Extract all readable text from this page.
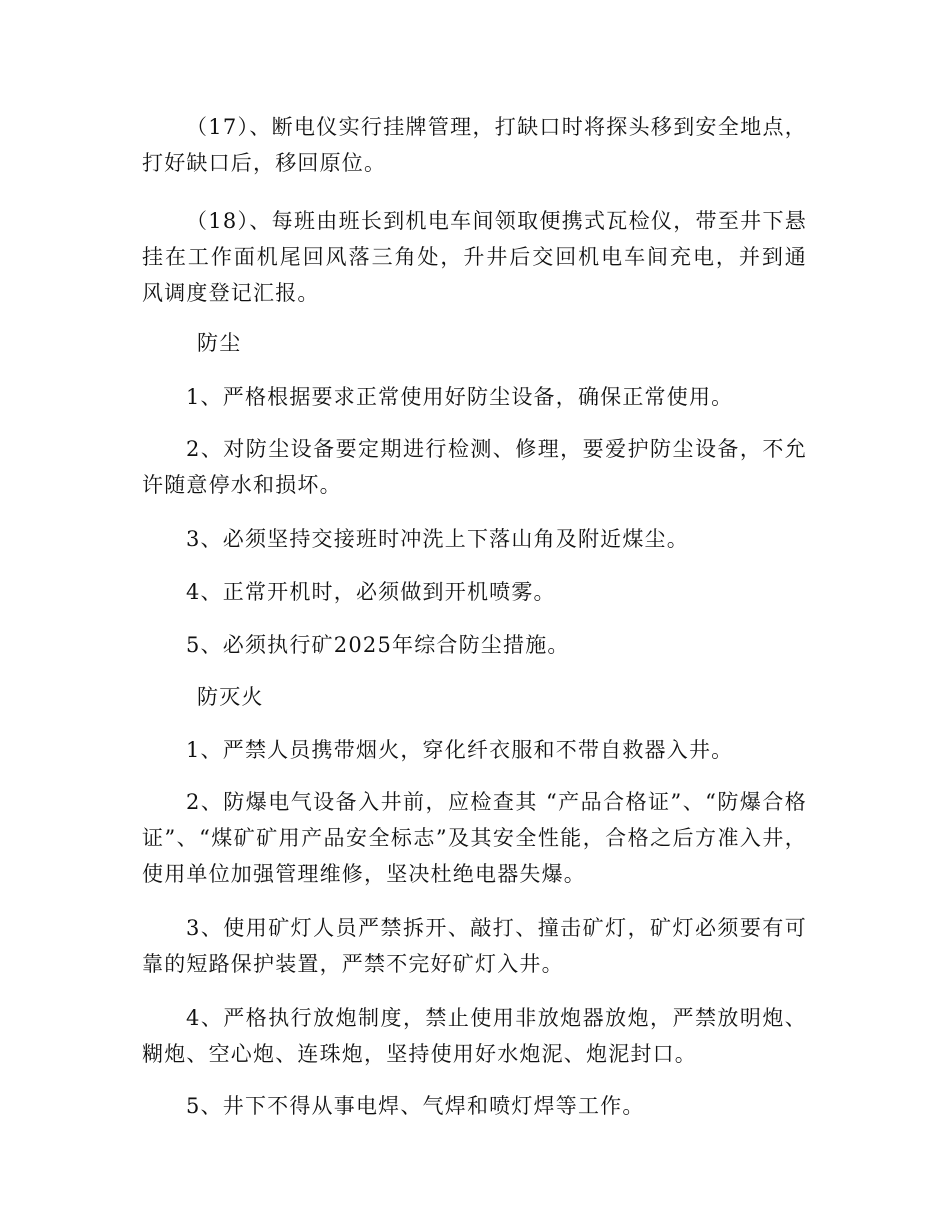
（17）、断电仪实行挂牌管理，打缺口时将探头移到安全地点，打好缺口后，移回原位。

（18）、每班由班长到机电车间领取便携式瓦检仪，带至井下悬挂在工作面机尾回风落三角处，升井后交回机电车间充电，并到通风调度登记汇报。

防尘

1、严格根据要求正常使用好防尘设备，确保正常使用。

2、对防尘设备要定期进行检测、修理，要爱护防尘设备，不允许随意停水和损坏。

3、必须坚持交接班时冲洗上下落山角及附近煤尘。

4、正常开机时，必须做到开机喷雾。

5、必须执行矿2025年综合防尘措施。

防灭火

1、严禁人员携带烟火，穿化纤衣服和不带自救器入井。

2、防爆电气设备入井前，应检查其 “产品合格证”、“防爆合格证”、“煤矿矿用产品安全标志”及其安全性能，合格之后方准入井，使用单位加强管理维修，坚决杜绝电器失爆。

3、使用矿灯人员严禁拆开、敲打、撞击矿灯，矿灯必须要有可靠的短路保护装置，严禁不完好矿灯入井。

4、严格执行放炮制度，禁止使用非放炮器放炮，严禁放明炮、糊炮、空心炮、连珠炮，坚持使用好水炮泥、炮泥封口。

5、井下不得从事电焊、气焊和喷灯焊等工作。
